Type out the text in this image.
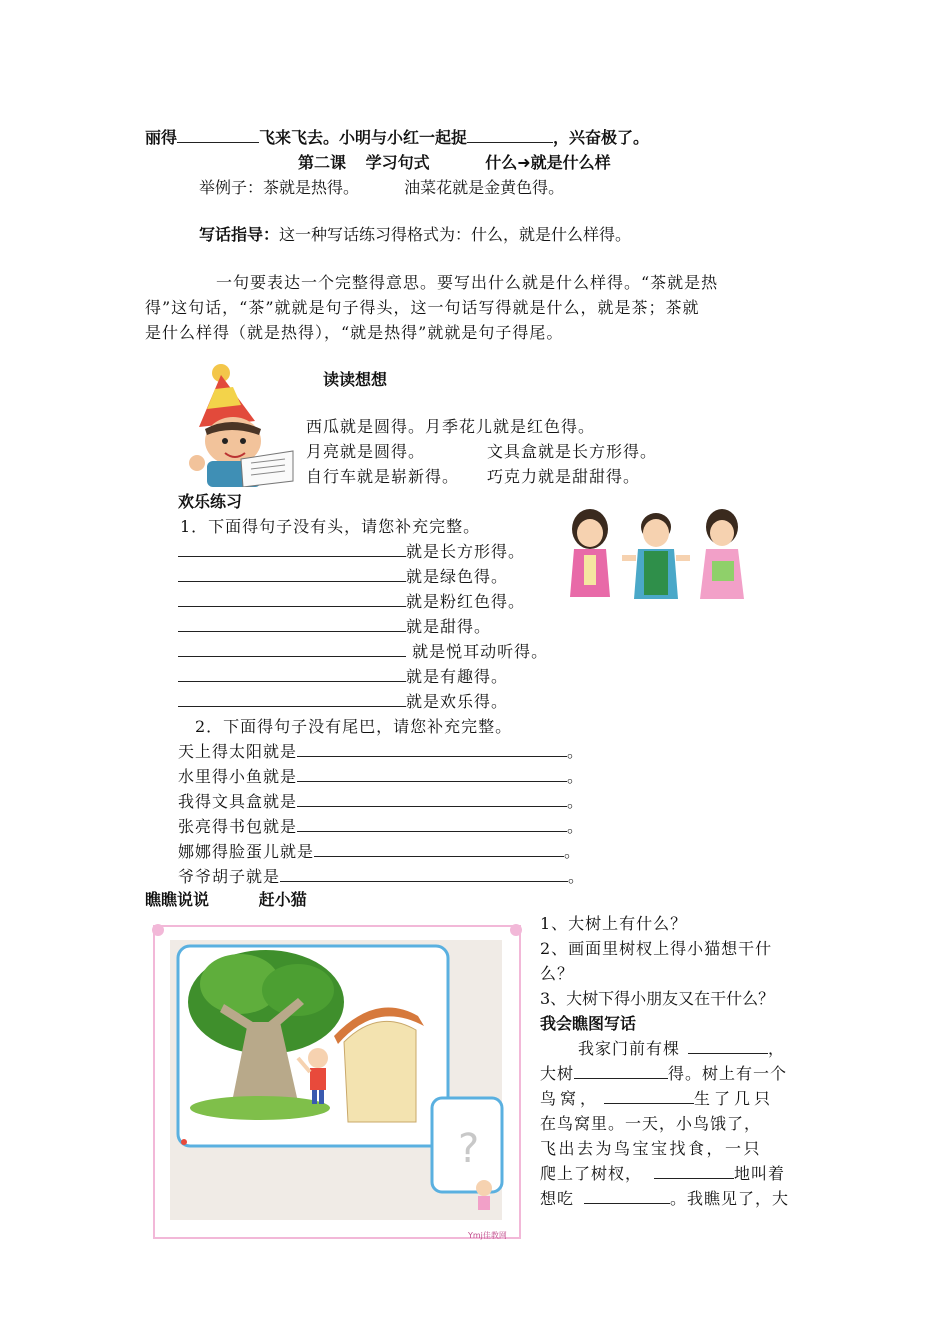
丽得	飞来飞去。小明与小红一起捉	，兴奋极了。
第二课 学习句式	什么➜就是什么样
举例子：茶就是热得。	油菜花就是金黄色得。
写话指导：这一种写话练习得格式为：什么，就是什么样得。
一句要表达一个完整得意思。要写出什么就是什么样得。“茶就是热
得”这句话，“茶”就就是句子得头，这一句话写得就是什么，就是茶；茶就
是什么样得（就是热得），“就是热得”就就是句子得尾。
读读想想
西瓜就是圆得。月季花儿就是红色得。
月亮就是圆得。	文具盒就是长方形得。
自行车就是崭新得。 巧克力就是甜甜得。
欢乐练习
1．下面得句子没有头，请您补充完整。
就是长方形得。
就是绿色得。
就是粉红色得。
就是甜得。
就是悦耳动听得。
就是有趣得。
就是欢乐得。
2．下面得句子没有尾巴，请您补充完整。
天上得太阳就是	。
水里得小鱼就是	。
我得文具盒就是	。
张亮得书包就是	。
娜娜得脸蛋儿就是	。
爷爷胡子就是	。
瞧瞧说说	赶小猫
?
Ymj佳教网
1、大树上有什么？
2、画面里树杈上得小猫想干什
么？
3、大树下得小朋友又在干什么？
我会瞧图写话
我家门前有棵	，
大树	得。树上有一个
鸟窝，	生了几只
在鸟窝里。一天，小鸟饿了，
飞出去为鸟宝宝找食，一只
爬上了树杈，	地叫着
想吃	。我瞧见了，大
